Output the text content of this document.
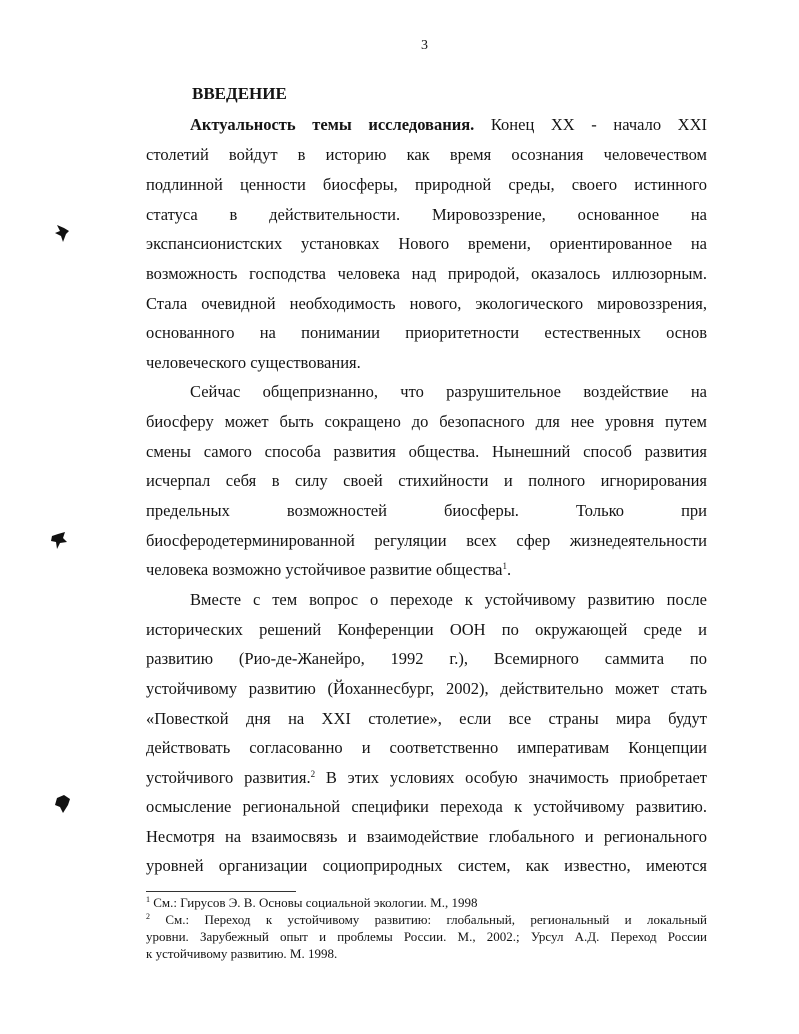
3
ВВЕДЕНИЕ
Актуальность темы исследования. Конец XX - начало XXI
столетий войдут в историю как время осознания человечеством
подлинной ценности биосферы, природной среды, своего истинного
статуса в действительности. Мировоззрение, основанное на
экспансионистских установках Нового времени, ориентированное на
возможность господства человека над природой, оказалось иллюзорным.
Стала очевидной необходимость нового, экологического мировоззрения,
основанного на понимании приоритетности естественных основ
человеческого существования.
Сейчас общепризнанно, что разрушительное воздействие на
биосферу может быть сокращено до безопасного для нее уровня путем
смены самого способа развития общества. Нынешний способ развития
исчерпал себя в силу своей стихийности и полного игнорирования
предельных возможностей биосферы. Только при
биосферодетерминированной регуляции всех сфер жизнедеятельности
человека возможно устойчивое развитие общества$^1$.
Вместе с тем вопрос о переходе к устойчивому развитию после
исторических решений Конференции ООН по окружающей среде и
развитию (Рио-де-Жанейро, 1992 г.), Всемирного саммита по
устойчивому развитию (Йоханнесбург, 2002), действительно может стать
«Повесткой дня на XXI столетие», если все страны мира будут
действовать согласованно и соответственно императивам Концепции
устойчивого развития.$^2$ В этих условиях особую значимость приобретает
осмысление региональной специфики перехода к устойчивому развитию.
Несмотря на взаимосвязь и взаимодействие глобального и регионального
уровней организации социоприродных систем, как известно, имеются
$^1$ См.: Гирусов Э. В. Основы социальной экологии. М., 1998
$^2$ См.: Переход к устойчивому развитию: глобальный, региональный и локальный
уровни. Зарубежный опыт и проблемы России. М., 2002.; Урсул А.Д. Переход России
к устойчивому развитию. М. 1998.
